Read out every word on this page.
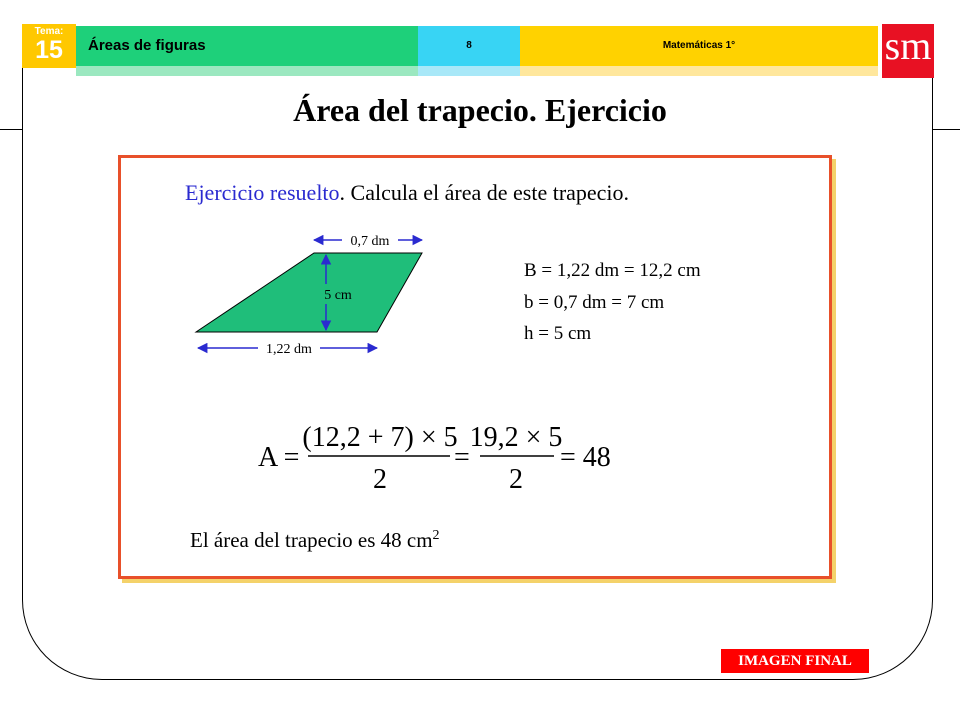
Tema:
15	Áreas de figuras	8	Matemáticas 1°	sm
Área del trapecio. Ejercicio
Ejercicio resuelto. Calcula el área de este trapecio.
0,7 dm
5 cm
1,22 dm
B = 1,22 dm = 12,2 cm
b = 0,7 dm = 7 cm
h = 5 cm
A =
(12,2 + 7) × 5
2
=
19,2 × 5
2
= 48
El área del trapecio es 48 $cm^2$
IMAGEN FINAL
